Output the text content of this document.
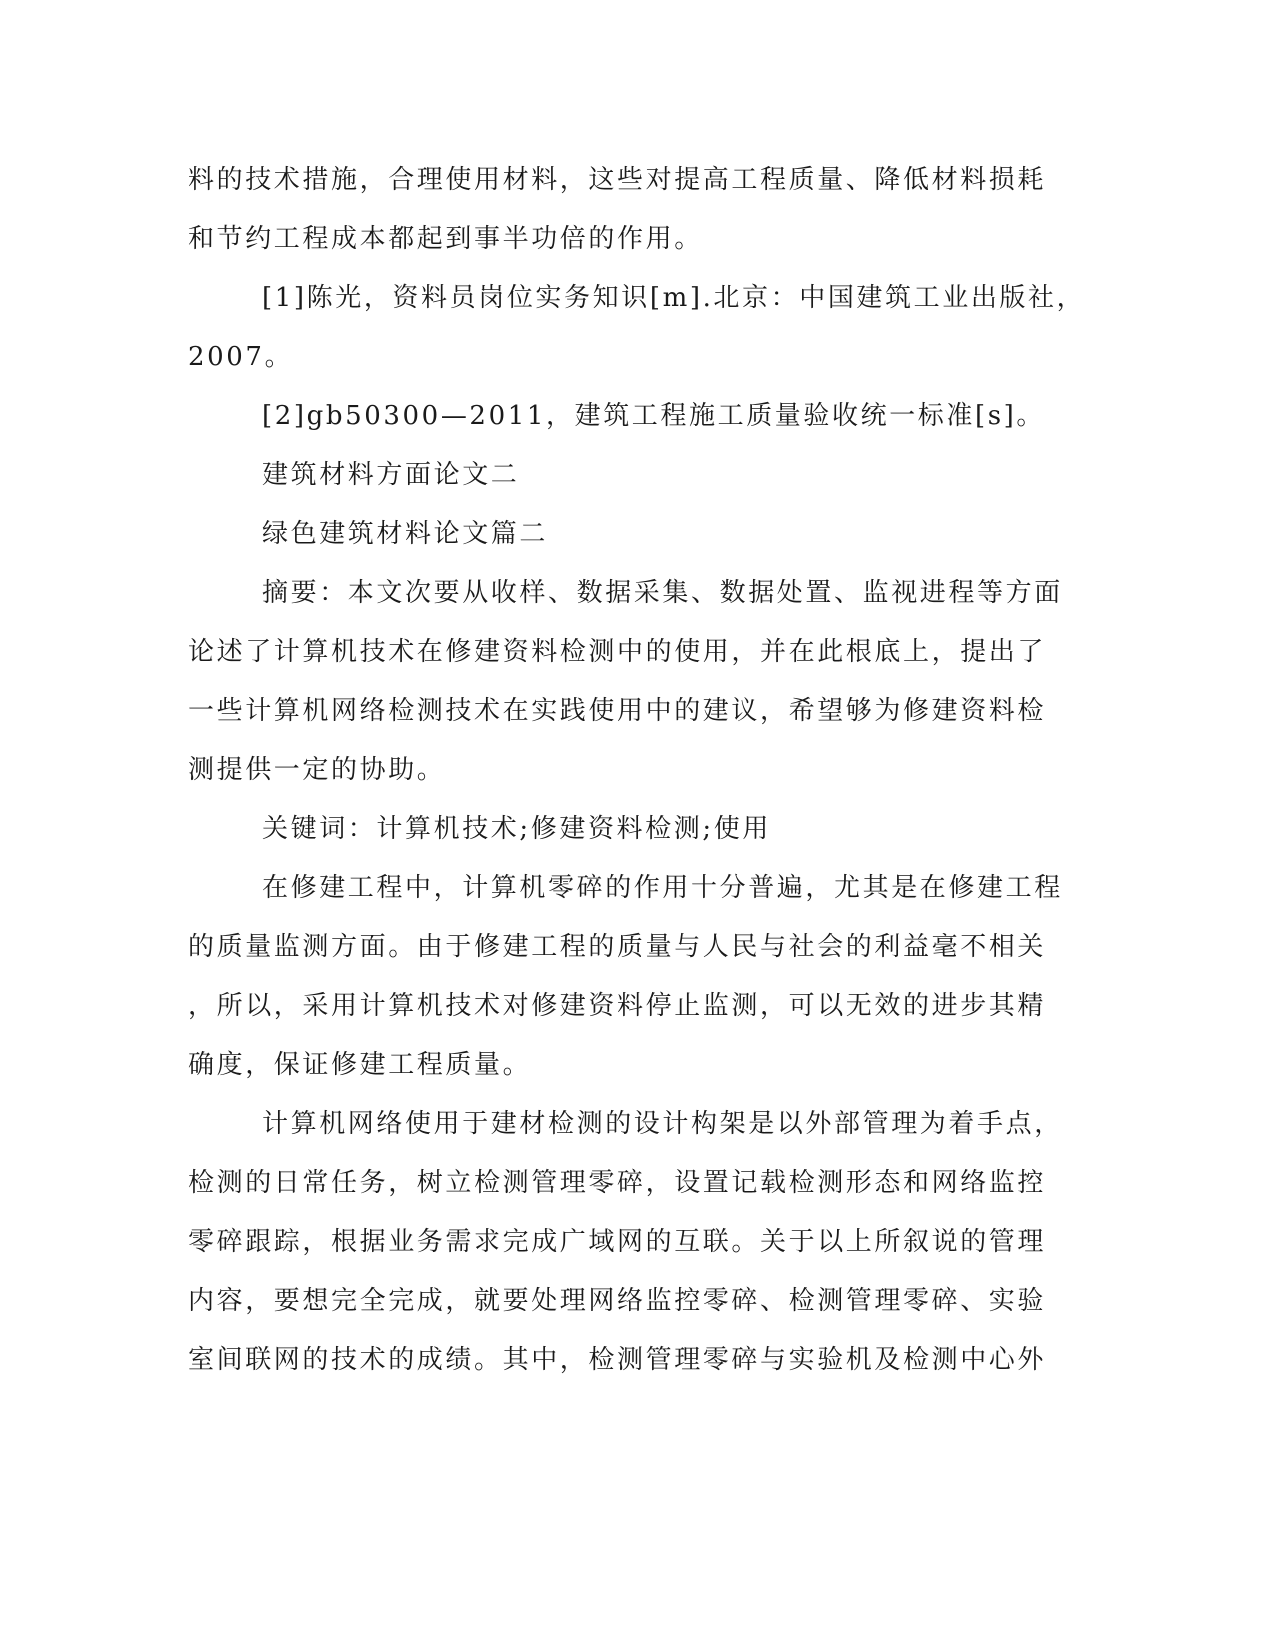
料的技术措施，合理使用材料，这些对提高工程质量、降低材料损耗
和节约工程成本都起到事半功倍的作用。
[1]陈光，资料员岗位实务知识[m].北京：中国建筑工业出版社，
2007。
[2]gb50300—2011，建筑工程施工质量验收统一标准[s]。
建筑材料方面论文二
绿色建筑材料论文篇二
摘要：本文次要从收样、数据采集、数据处置、监视进程等方面
论述了计算机技术在修建资料检测中的使用，并在此根底上，提出了
一些计算机网络检测技术在实践使用中的建议，希望够为修建资料检
测提供一定的协助。
关键词：计算机技术;修建资料检测;使用
在修建工程中，计算机零碎的作用十分普遍，尤其是在修建工程
的质量监测方面。由于修建工程的质量与人民与社会的利益毫不相关
，所以，采用计算机技术对修建资料停止监测，可以无效的进步其精
确度，保证修建工程质量。
计算机网络使用于建材检测的设计构架是以外部管理为着手点，
检测的日常任务，树立检测管理零碎，设置记载检测形态和网络监控
零碎跟踪，根据业务需求完成广域网的互联。关于以上所叙说的管理
内容，要想完全完成，就要处理网络监控零碎、检测管理零碎、实验
室间联网的技术的成绩。其中，检测管理零碎与实验机及检测中心外
